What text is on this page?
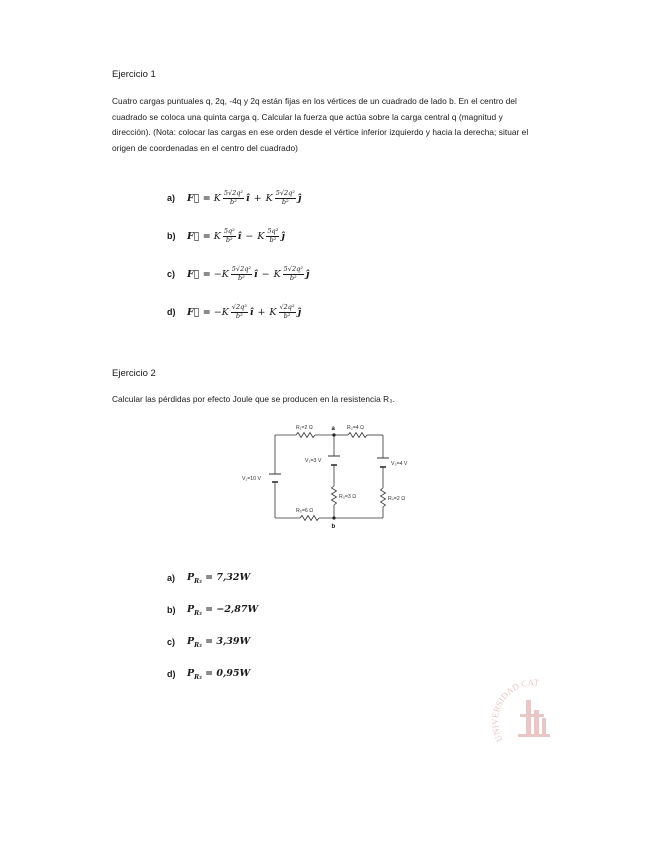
Ejercicio 1
Cuatro cargas puntuales q, 2q, -4q y 2q están fijas en los vértices de un cuadrado de lado b. En el centro del cuadrado se coloca una quinta carga q. Calcular la fuerza que actúa sobre la carga central q (magnitud y dirección). (Nota: colocar las cargas en ese orden desde el vértice inferior izquierdo y hacia la derecha; situar el origen de coordenadas en el centro del cuadrado)
a)	F⃗ = K $\frac{\text{5√2q²}}{\text{b²}}$ î + K $\frac{\text{5√2q²}}{\text{b²}}$ ĵ
b)	F⃗ = K $\frac{\text{5q²}}{\text{b²}}$ î − K $\frac{\text{5q²}}{\text{b²}}$ ĵ
c)	F⃗ = − K $\frac{\text{5√2q²}}{\text{b²}}$ î − K $\frac{\text{5√2q²}}{\text{b²}}$ ĵ
d)	F⃗ = − K $\frac{\text{√2q²}}{\text{b²}}$ î + K $\frac{\text{√2q²}}{\text{b²}}$ ĵ
Ejercicio 2
Calcular las pérdidas por efecto Joule que se producen en la resistencia R₃.
R₁=2 Ω	R₂=4 Ω
R₃=3 Ω	R₄=2 Ω
R₅=6 Ω
V₁=10 V
V₂=3 V	V₃=4 V
a
b
a)	$P_{R_3} = 7,32W$
b)	$P_{R_3} = -2,87W$
c)	$P_{R_3} = 3,39W$
d)	$P_{R_3} = 0,95W$
UNIVERSIDAD CAT
